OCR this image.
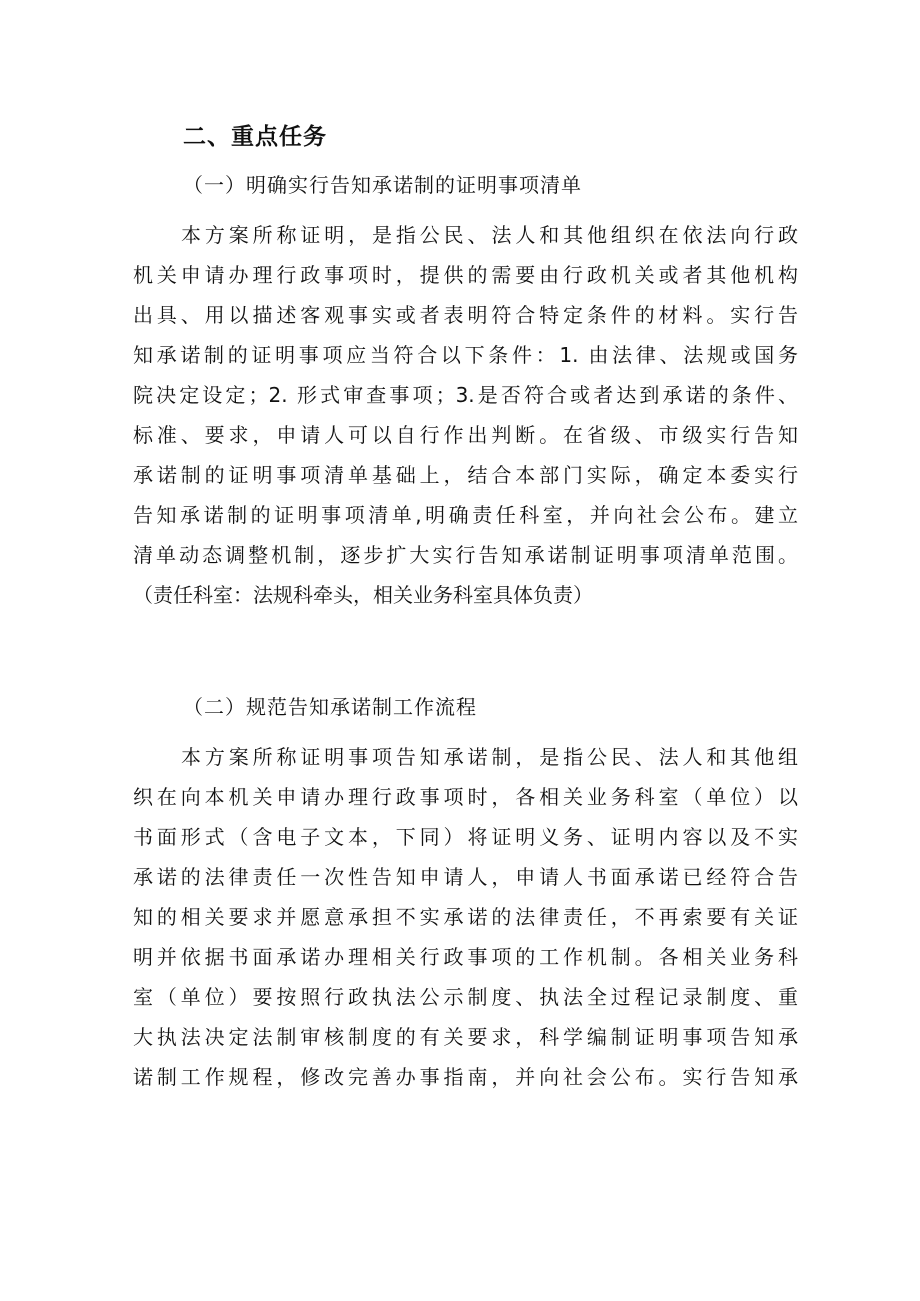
二、重点任务
（一）明确实行告知承诺制的证明事项清单
本方案所称证明，是指公民、法人和其他组织在依法向行政
机关申请办理行政事项时，提供的需要由行政机关或者其他机构
出具、用以描述客观事实或者表明符合特定条件的材料。实行告
知承诺制的证明事项应当符合以下条件：1. 由法律、法规或国务
院决定设定；2. 形式审查事项；3.是否符合或者达到承诺的条件、
标准、要求，申请人可以自行作出判断。在省级、市级实行告知
承诺制的证明事项清单基础上，结合本部门实际，确定本委实行
告知承诺制的证明事项清单,明确责任科室，并向社会公布。建立
清单动态调整机制，逐步扩大实行告知承诺制证明事项清单范围。
（责任科室：法规科牵头，相关业务科室具体负责）
（二）规范告知承诺制工作流程
本方案所称证明事项告知承诺制，是指公民、法人和其他组
织在向本机关申请办理行政事项时，各相关业务科室（单位）以
书面形式（含电子文本，下同）将证明义务、证明内容以及不实
承诺的法律责任一次性告知申请人，申请人书面承诺已经符合告
知的相关要求并愿意承担不实承诺的法律责任，不再索要有关证
明并依据书面承诺办理相关行政事项的工作机制。各相关业务科
室（单位）要按照行政执法公示制度、执法全过程记录制度、重
大执法决定法制审核制度的有关要求，科学编制证明事项告知承
诺制工作规程，修改完善办事指南，并向社会公布。实行告知承
